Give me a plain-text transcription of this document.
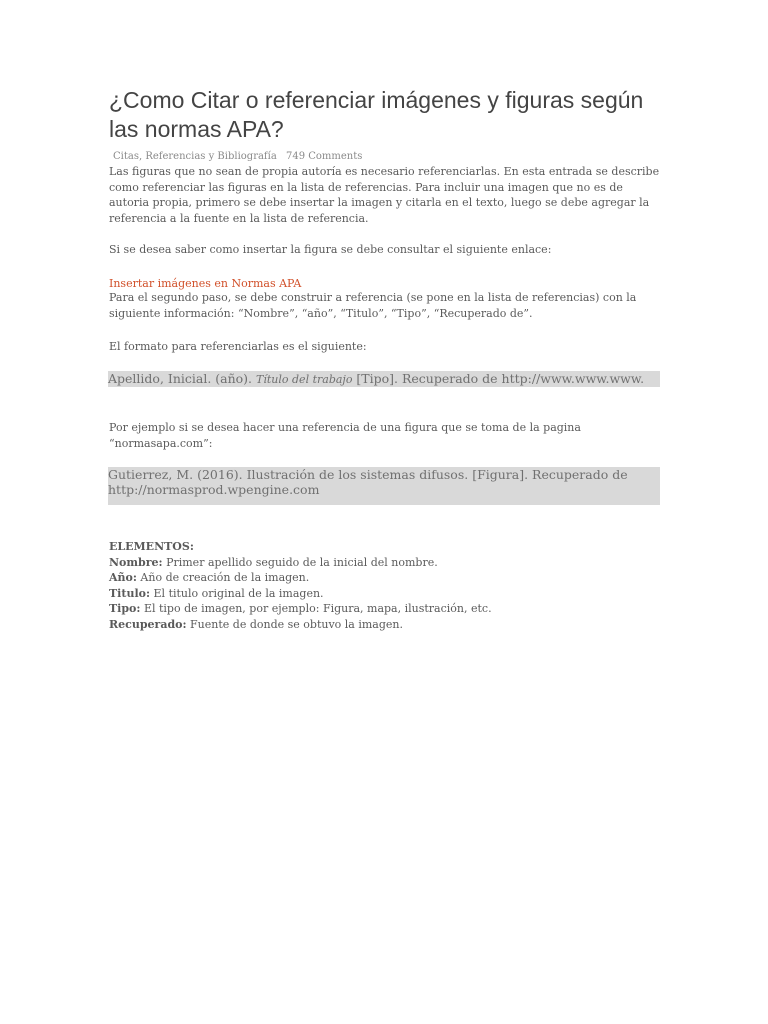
¿Como Citar o referenciar imágenes y figuras según las normas APA?
Citas, Referencias y Bibliografía 749 Comments

Las figuras que no sean de propia autoría es necesario referenciarlas. En esta entrada se describe como referenciar las figuras en la lista de referencias. Para incluir una imagen que no es de autoria propia, primero se debe insertar la imagen y citarla en el texto, luego se debe agregar la referencia a la fuente en la lista de referencia.

Si se desea saber como insertar la figura se debe consultar el siguiente enlace:

Insertar imágenes en Normas APA

Para el segundo paso, se debe construir a referencia (se pone en la lista de referencias) con la siguiente información: “Nombre”, “año”, “Titulo”, “Tipo”, “Recuperado de”.

El formato para referenciarlas es el siguiente:

Apellido, Inicial. (año). Título del trabajo [Tipo]. Recuperado de http://www.www.www.

Por ejemplo si se desea hacer una referencia de una figura que se toma de la pagina “normasapa.com”:

Gutierrez, M. (2016). Ilustración de los sistemas difusos. [Figura]. Recuperado de http://normasprod.wpengine.com
ELEMENTOS:
Nombre: Primer apellido seguido de la inicial del nombre.
Año: Año de creación de la imagen.
Titulo: El titulo original de la imagen.
Tipo: El tipo de imagen, por ejemplo: Figura, mapa, ilustración, etc.
Recuperado: Fuente de donde se obtuvo la imagen.
